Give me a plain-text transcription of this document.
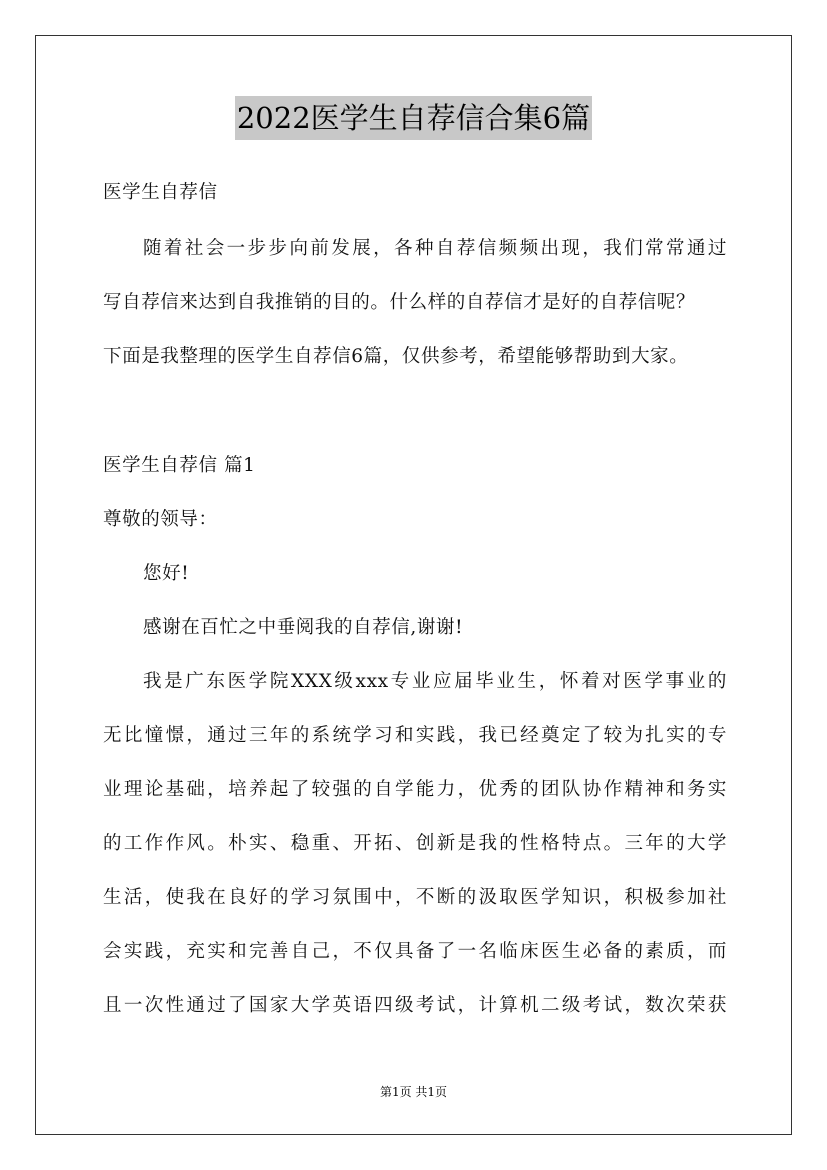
2022医学生自荐信合集6篇
医学生自荐信
随着社会一步步向前发展，各种自荐信频频出现，我们常常通过
写自荐信来达到自我推销的目的。什么样的自荐信才是好的自荐信呢？
下面是我整理的医学生自荐信6篇，仅供参考，希望能够帮助到大家。
医学生自荐信 篇1
尊敬的领导：
您好!
感谢在百忙之中垂阅我的自荐信,谢谢!
我是广东医学院XXX级xxx专业应届毕业生，怀着对医学事业的
无比憧憬，通过三年的系统学习和实践，我已经奠定了较为扎实的专
业理论基础，培养起了较强的自学能力，优秀的团队协作精神和务实
的工作作风。朴实、稳重、开拓、创新是我的性格特点。三年的大学
生活，使我在良好的学习氛围中，不断的汲取医学知识，积极参加社
会实践，充实和完善自己，不仅具备了一名临床医生必备的素质，而
且一次性通过了国家大学英语四级考试，计算机二级考试，数次荣获
第1页 共1页
